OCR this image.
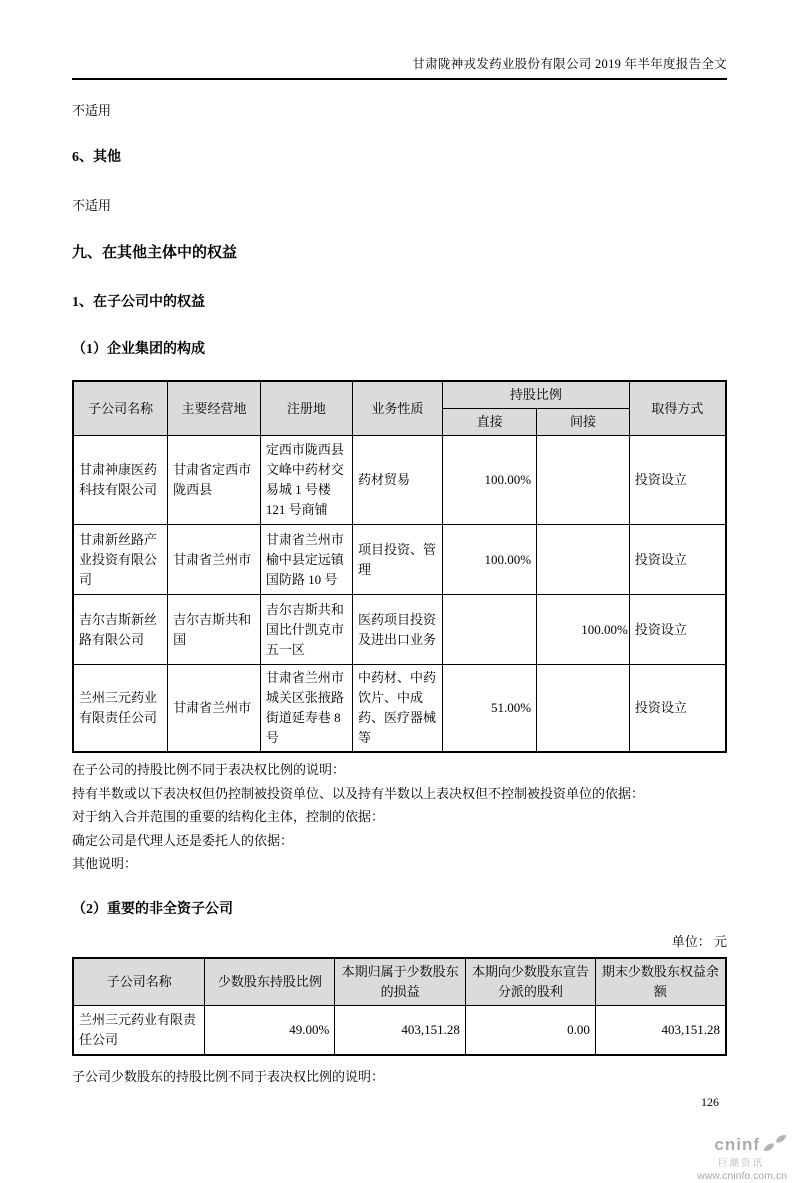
甘肃陇神戎发药业股份有限公司 2019 年半年度报告全文
不适用
6、其他
不适用
九、在其他主体中的权益
1、在子公司中的权益
（1）企业集团的构成
子公司名称	主要经营地	注册地	业务性质	持股比例		取得方式
				直接	间接	
甘肃神康医药科技有限公司	甘肃省定西市陇西县	定西市陇西县文峰中药材交易城 1 号楼 121 号商铺	药材贸易	100.00%		投资设立
甘肃新丝路产业投资有限公司	甘肃省兰州市	甘肃省兰州市榆中县定远镇国防路 10 号	项目投资、管理	100.00%		投资设立
吉尔吉斯新丝路有限公司	吉尔吉斯共和国	吉尔吉斯共和国比什凯克市五一区	医药项目投资及进出口业务		100.00%	投资设立
兰州三元药业有限责任公司	甘肃省兰州市	甘肃省兰州市城关区张掖路街道延寿巷 8 号	中药材、中药饮片、中成药、医疗器械等	51.00%		投资设立
在子公司的持股比例不同于表决权比例的说明：
持有半数或以下表决权但仍控制被投资单位、以及持有半数以上表决权但不控制被投资单位的依据：
对于纳入合并范围的重要的结构化主体，控制的依据：
确定公司是代理人还是委托人的依据：
其他说明：
（2）重要的非全资子公司
单位： 元
子公司名称	少数股东持股比例	本期归属于少数股东的损益	本期向少数股东宣告分派的股利	期末少数股东权益余额
兰州三元药业有限责任公司	49.00%	403,151.28	0.00	403,151.28
子公司少数股东的持股比例不同于表决权比例的说明：
126
cninf
巨潮资讯
www.cninfo.com.cn
